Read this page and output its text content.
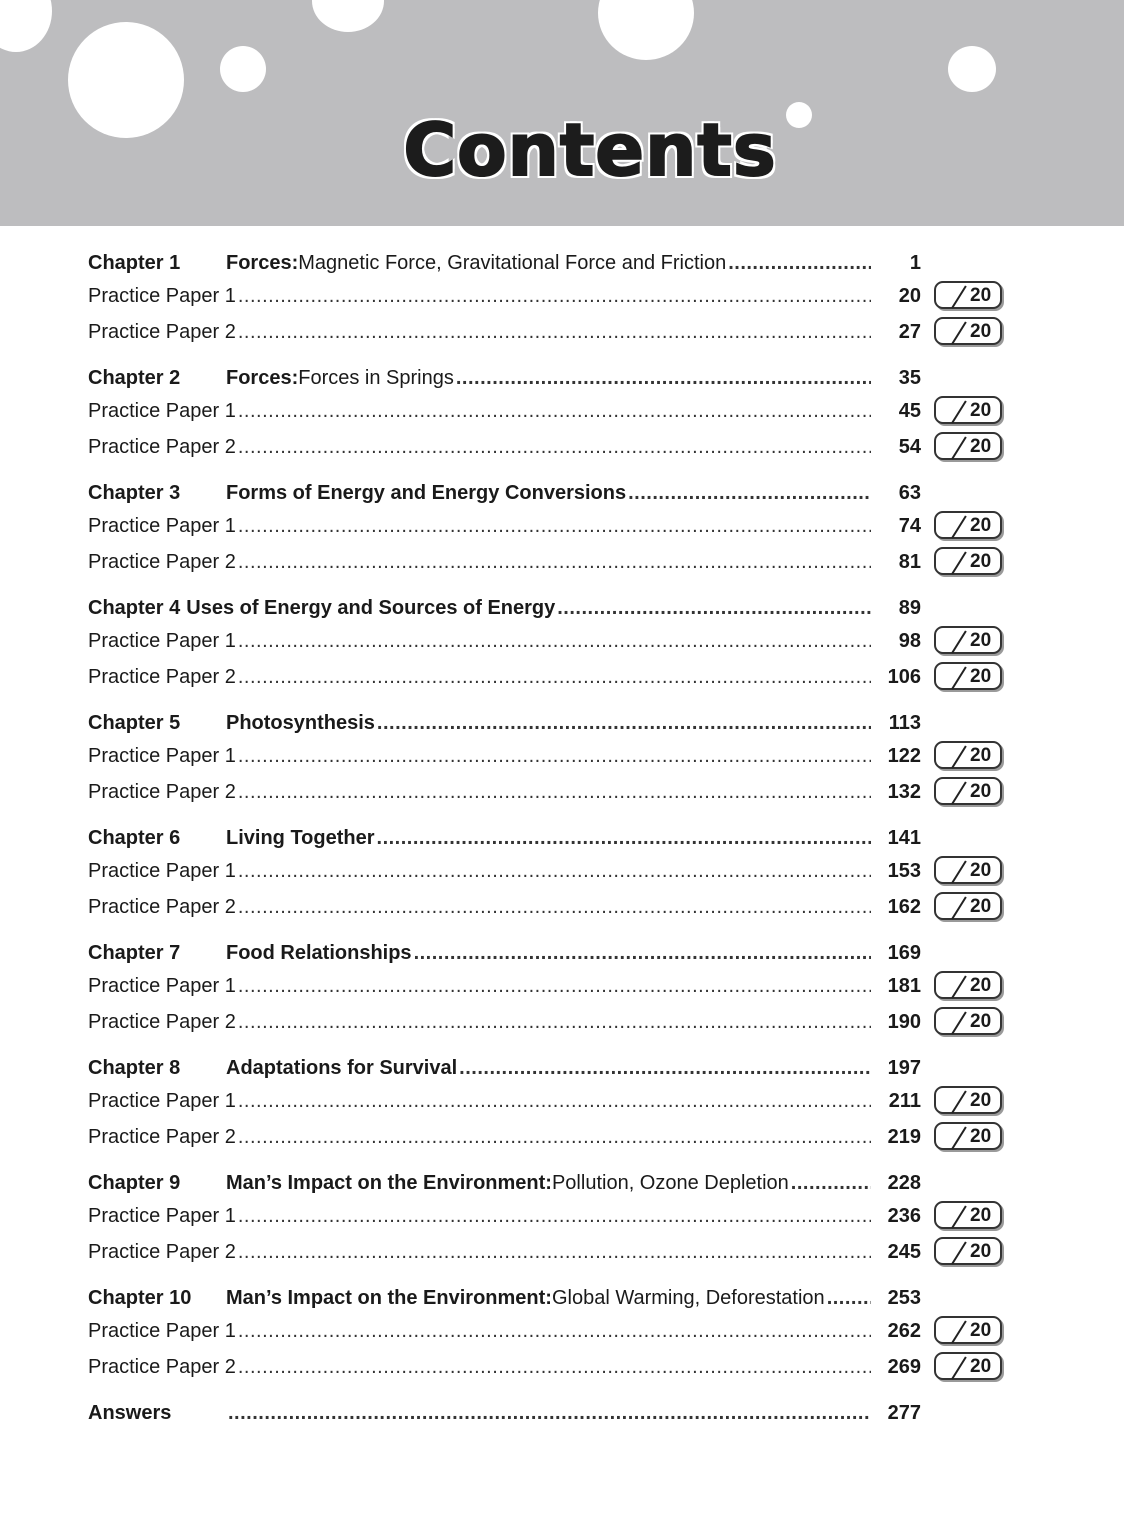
Contents
Chapter 1	Forces: Magnetic Force, Gravitational Force and Friction .....	1
Practice Paper 1 .....	20	20
Practice Paper 2 .....	27	20
Chapter 2	Forces: Forces in Springs .....	35
Practice Paper 1 .....	45	20
Practice Paper 2 .....	54	20
Chapter 3	Forms of Energy and Energy Conversions .....	63
Practice Paper 1 .....	74	20
Practice Paper 2 .....	81	20
Chapter 4 Uses of Energy and Sources of Energy .....	89
Practice Paper 1 .....	98	20
Practice Paper 2 .....	106	20
Chapter 5	Photosynthesis .....	113
Practice Paper 1 .....	122	20
Practice Paper 2 .....	132	20
Chapter 6	Living Together .....	141
Practice Paper 1 .....	153	20
Practice Paper 2 .....	162	20
Chapter 7	Food Relationships .....	169
Practice Paper 1 .....	181	20
Practice Paper 2 .....	190	20
Chapter 8	Adaptations for Survival .....	197
Practice Paper 1 .....	211	20
Practice Paper 2 .....	219	20
Chapter 9	Man’s Impact on the Environment: Pollution, Ozone Depletion .....	228
Practice Paper 1 .....	236	20
Practice Paper 2 .....	245	20
Chapter 10	Man’s Impact on the Environment: Global Warming, Deforestation .....	253
Practice Paper 1 .....	262	20
Practice Paper 2 .....	269	20
Answers .....	277
